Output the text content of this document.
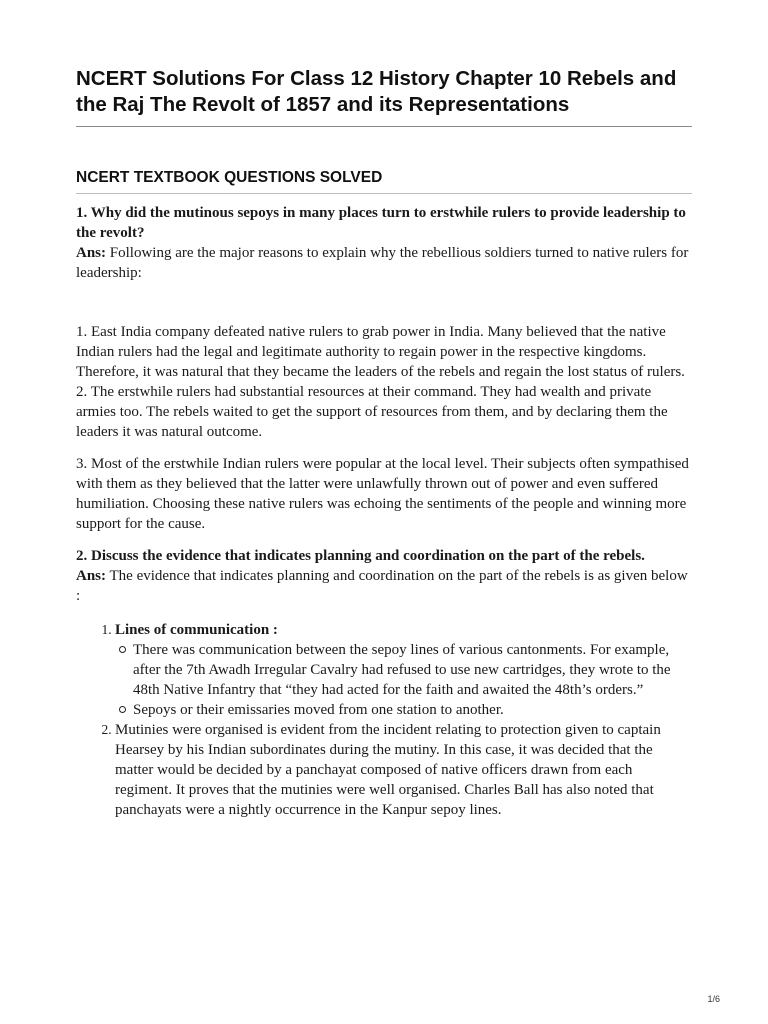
NCERT Solutions For Class 12 History Chapter 10 Rebels and the Raj The Revolt of 1857 and its Representations
NCERT TEXTBOOK QUESTIONS SOLVED

1. Why did the mutinous sepoys in many places turn to erstwhile rulers to provide leadership to the revolt?

Ans: Following are the major reasons to explain why the rebellious soldiers turned to native rulers for leadership:

1. East India company defeated native rulers to grab power in India. Many believed that the native Indian rulers had the legal and legitimate authority to regain power in the respective kingdoms. Therefore, it was natural that they became the leaders of the rebels and regain the lost status of rulers.

2. The erstwhile rulers had substantial resources at their command. They had wealth and private armies too. The rebels waited to get the support of resources from them, and by declaring them the leaders it was natural outcome.

3. Most of the erstwhile Indian rulers were popular at the local level. Their subjects often sympathised with them as they believed that the latter were unlawfully thrown out of power and even suffered humiliation. Choosing these native rulers was echoing the sentiments of the people and winning more support for the cause.

2. Discuss the evidence that indicates planning and coordination on the part of the rebels.

Ans: The evidence that indicates planning and coordination on the part of the rebels is as given below :

1. Lines of communication :
There was communication between the sepoy lines of various cantonments. For example, after the 7th Awadh Irregular Cavalry had refused to use new cartridges, they wrote to the 48th Native Infantry that “they had acted for the faith and awaited the 48th’s orders.”
Sepoys or their emissaries moved from one station to another.
2. Mutinies were organised is evident from the incident relating to protection given to captain Hearsey by his Indian subordinates during the mutiny. In this case, it was decided that the matter would be decided by a panchayat composed of native officers drawn from each regiment. It proves that the mutinies were well organised. Charles Ball has also noted that panchayats were a nightly occurrence in the Kanpur sepoy lines.
1/6
